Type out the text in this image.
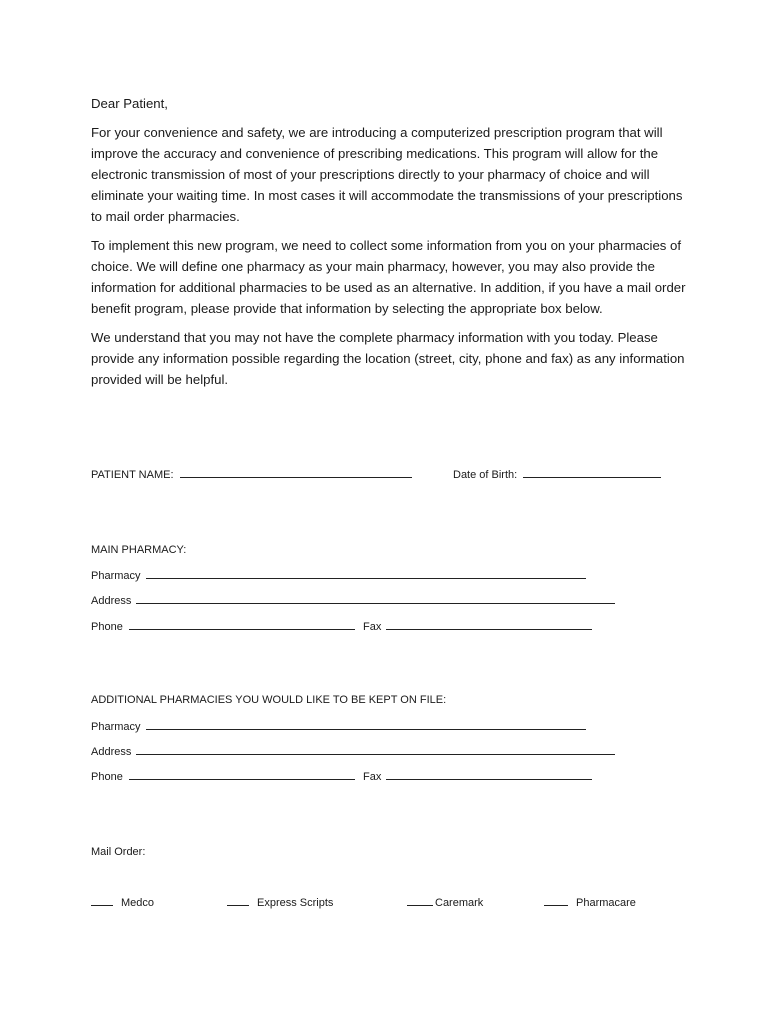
Dear Patient,

For your convenience and safety, we are introducing a computerized prescription program that will improve the accuracy and convenience of prescribing medications. This program will allow for the electronic transmission of most of your prescriptions directly to your pharmacy of choice and will eliminate your waiting time. In most cases it will accommodate the transmissions of your prescriptions to mail order pharmacies.

To implement this new program, we need to collect some information from you on your pharmacies of choice. We will define one pharmacy as your main pharmacy, however, you may also provide the information for additional pharmacies to be used as an alternative. In addition, if you have a mail order benefit program, please provide that information by selecting the appropriate box below.

We understand that you may not have the complete pharmacy information with you today. Please provide any information possible regarding the location (street, city, phone and fax) as any information provided will be helpful.

PATIENT NAME:	Date of Birth:
MAIN PHARMACY:
Pharmacy
Address
Phone	Fax
ADDITIONAL PHARMACIES YOU WOULD LIKE TO BE KEPT ON FILE:
Pharmacy
Address
Phone	Fax
Mail Order:
Medco	Express Scripts	Caremark	Pharmacare
